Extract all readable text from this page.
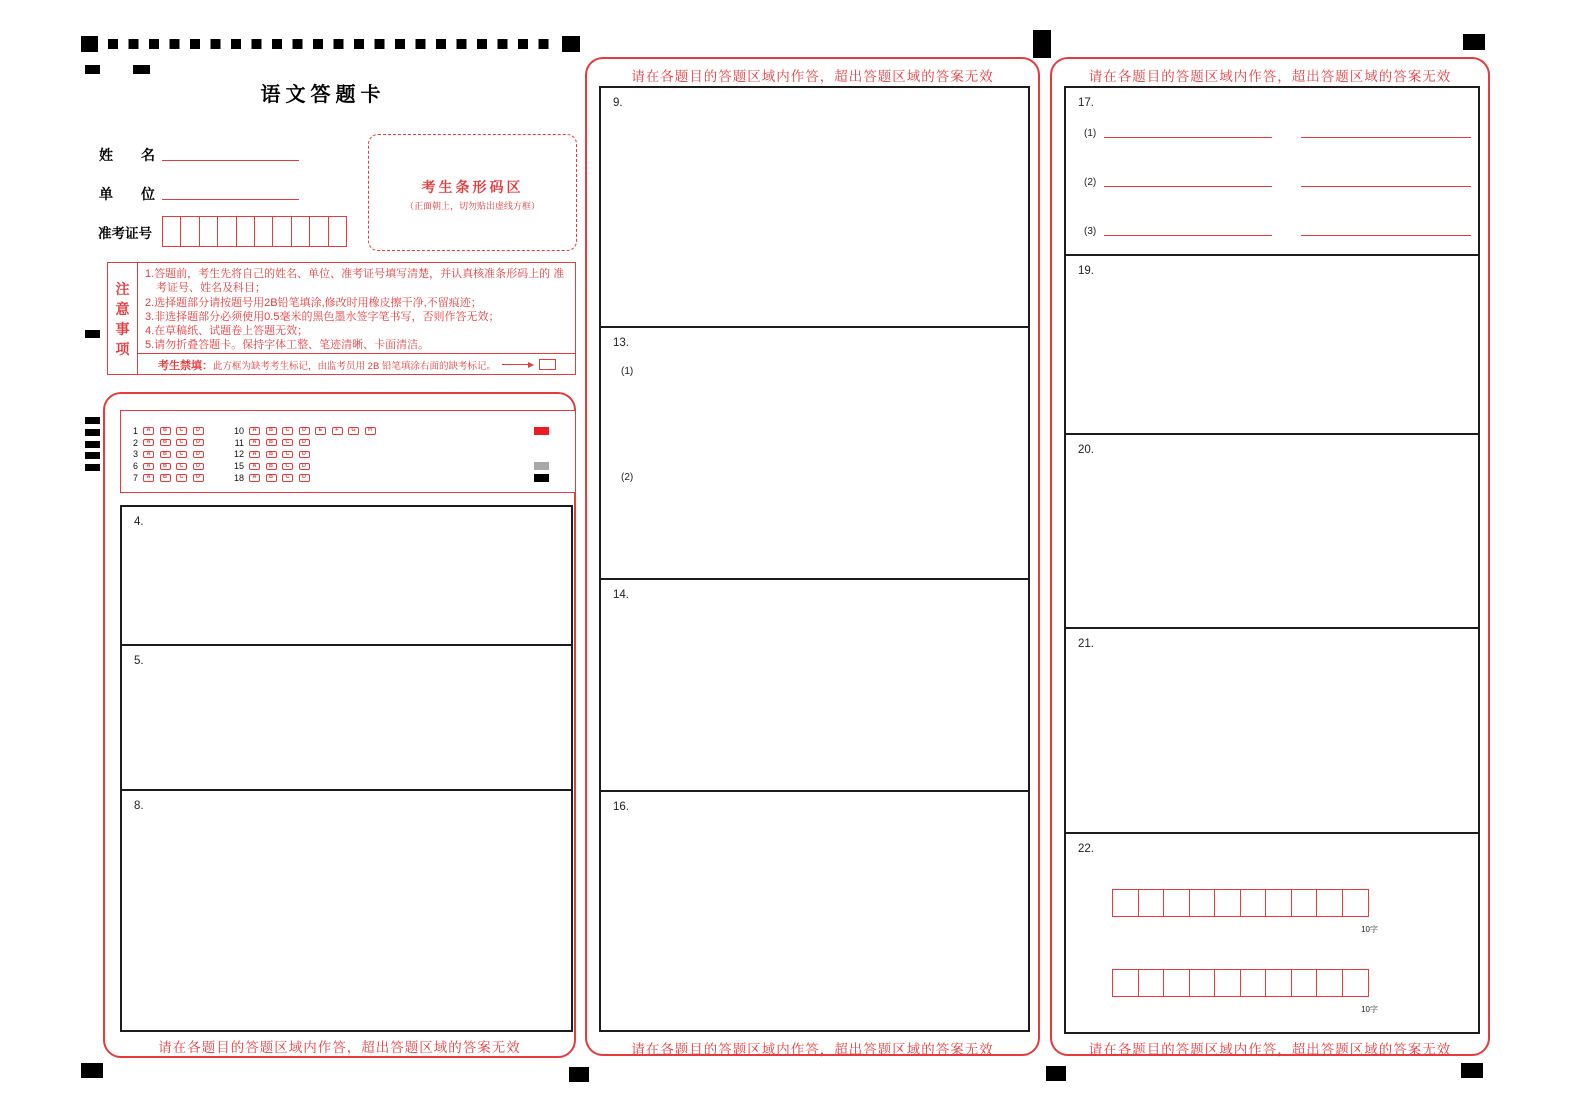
语文答题卡
姓 名
单 位
准考证号
考生条形码区
（正面朝上，切勿贴出虚线方框）
注
意
事
项
1.答题前，考生先将自己的姓名、单位、准考证号填写清楚，并认真核准条形码上的 准考证号、姓名及科目；
2.选择题部分请按题号用2B铅笔填涂,修改时用橡皮擦干净,不留痕迹；
3.非选择题部分必须使用0.5毫米的黑色墨水签字笔书写，否则作答无效；
4.在草稿纸、试题卷上答题无效；
5.请勿折叠答题卡。保持字体工整、笔迹清晰、卡面清洁。
考生禁填： 此方框为缺考考生标记，由监考员用 2B 铅笔填涂右面的缺考标记。
1	A	B	C	D
2	A	B	C	D
3	A	B	C	D
6	A	B	C	D
7	A	B	C	D
10	A	B	C	D	E	F	G	H
11	A	B	C	D
12	A	B	C	D
15	A	B	C	D
18	A	B	C	D
4.
5.
8.
请在各题目的答题区域内作答，超出答题区域的答案无效
请在各题目的答题区域内作答，超出答题区域的答案无效
9.
13.
(1)
(2)
14.
16.
请在各题目的答题区域内作答，超出答题区域的答案无效
请在各题目的答题区域内作答，超出答题区域的答案无效
17.
(1)
(2)
(3)
19.
20.
21.
22.
10字
10字
请在各题目的答题区域内作答，超出答题区域的答案无效
